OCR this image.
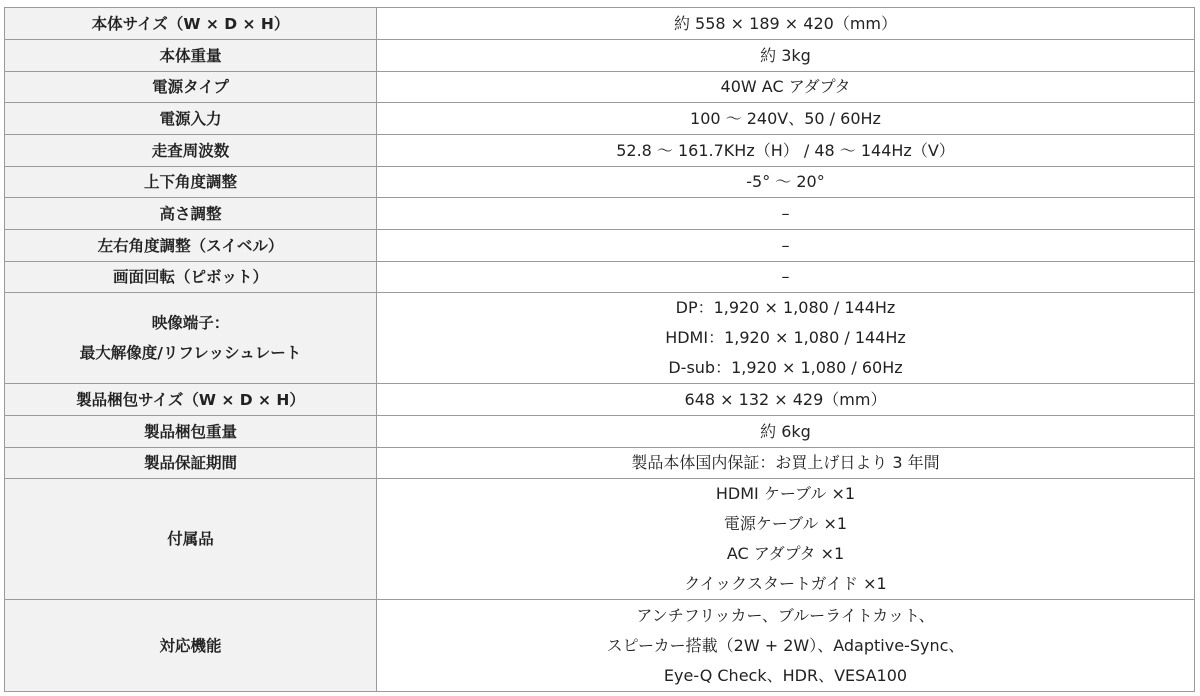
本体サイズ（W × D × H）	約 558 × 189 × 420（mm）
本体重量	約 3kg
電源タイプ	40W AC アダプタ
電源入力	100 ～ 240V、50 / 60Hz
走査周波数	52.8 ～ 161.7KHz（H） / 48 ～ 144Hz（V）
上下角度調整	-5° ～ 20°
高さ調整	–
左右角度調整（スイベル）	–
画面回転（ピボット）	–

映像端子：
最大解像度/リフレッシュレート	DP：1,920 × 1,080 / 144Hz
HDMI：1,920 × 1,080 / 144Hz
D-sub：1,920 × 1,080 / 60Hz

製品梱包サイズ（W × D × H）	648 × 132 × 429（mm）
製品梱包重量	約 6kg
製品保証期間	製品本体国内保証：お買上げ日より 3 年間
付属品	HDMI ケーブル ×1
電源ケーブル ×1
AC アダプタ ×1
クイックスタートガイド ×1

対応機能	アンチフリッカー、ブルーライトカット、
スピーカー搭載（2W + 2W）、Adaptive-Sync、
Eye-Q Check、HDR、VESA100
